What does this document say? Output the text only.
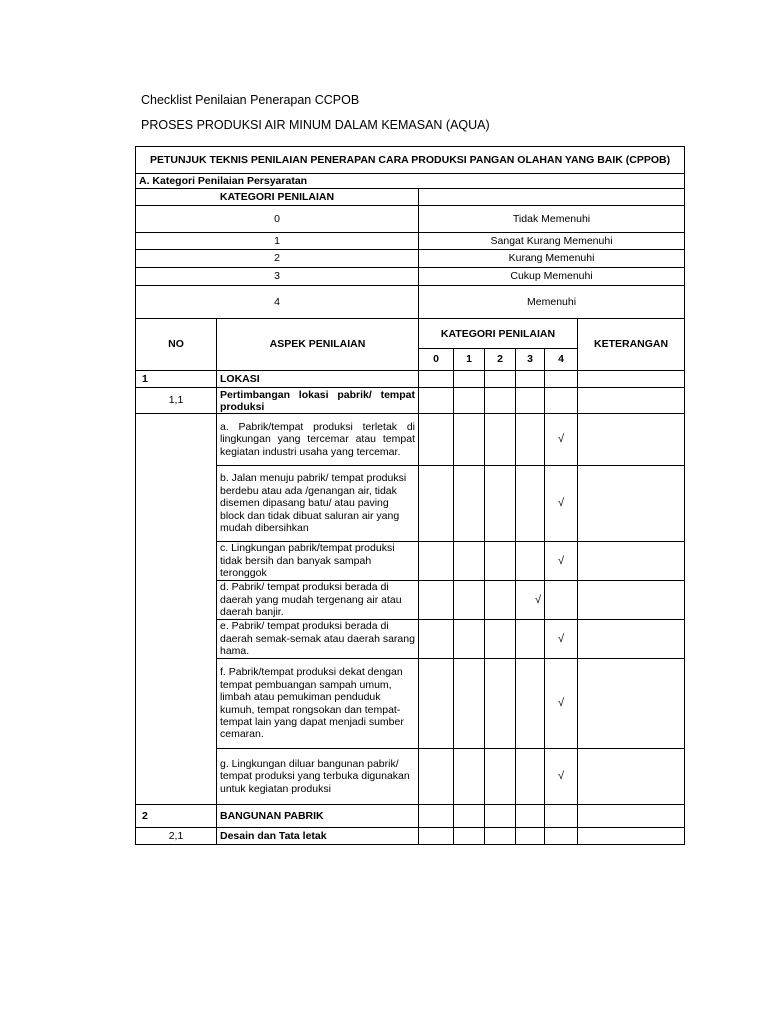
Checklist Penilaian Penerapan CCPOB
PROSES PRODUKSI AIR MINUM DALAM KEMASAN (AQUA)
PETUNJUK TEKNIS PENILAIAN PENERAPAN CARA PRODUKSI PANGAN OLAHAN YANG BAIK (CPPOB)							
A. Kategori Penilaian Persyaratan							
KATEGORI PENILAIAN							
0		Tidak Memenuhi					
1		Sangat Kurang Memenuhi					
2		Kurang Memenuhi					
3		Cukup Memenuhi					
4		Memenuhi					
NO	ASPEK PENILAIAN	KATEGORI PENILAIAN					KETERANGAN
		0	1	2	3	4	
1	LOKASI						
1,1	Pertimbangan lokasi pabrik/ tempat produksi						
	a. Pabrik/tempat produksi terletak di lingkungan yang tercemar atau tempat kegiatan industri usaha yang tercemar.					√	
	b. Jalan menuju pabrik/ tempat produksi berdebu atau ada /genangan air, tidak disemen dipasang batu/ atau paving block dan tidak dibuat saluran air yang mudah dibersihkan					√	
	c. Lingkungan pabrik/tempat produksi tidak bersih dan banyak sampah teronggok					√	
	d. Pabrik/ tempat produksi berada di daerah yang mudah tergenang air atau daerah banjir.				√		
	e. Pabrik/ tempat produksi berada di daerah semak-semak atau daerah sarang hama.					√	
	f. Pabrik/tempat produksi dekat dengan tempat pembuangan sampah umum, limbah atau pemukiman penduduk kumuh, tempat rongsokan dan tempat-tempat lain yang dapat menjadi sumber cemaran.					√	
	g. Lingkungan diluar bangunan pabrik/ tempat produksi yang terbuka digunakan untuk kegiatan produksi					√	
2	BANGUNAN PABRIK						
2,1	Desain dan Tata letak						
